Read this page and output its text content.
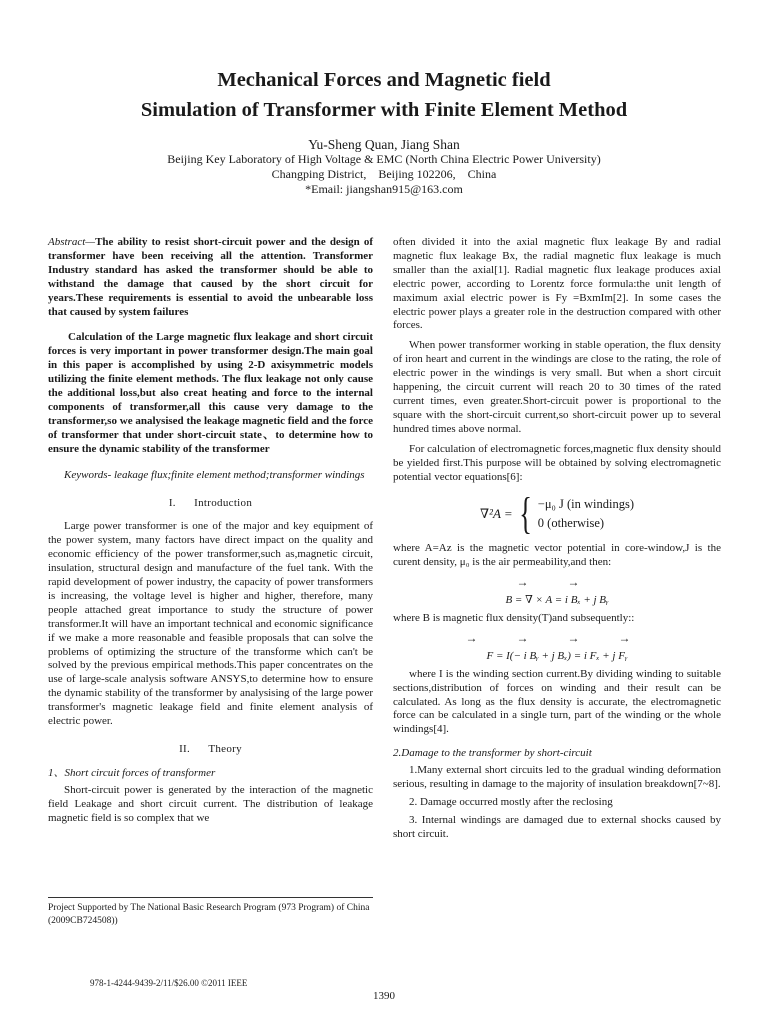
Mechanical Forces and Magnetic field
Simulation of Transformer with Finite Element Method
Yu-Sheng Quan, Jiang Shan
Beijing Key Laboratory of High Voltage & EMC (North China Electric Power University)
Changping District,　Beijing 102206,　China
*Email: jiangshan915@163.com

Abstract—The ability to resist short-circuit power and the design of transformer have been receiving all the attention. Transformer Industry standard has asked the transformer should be able to withstand the damage that caused by the short circuit for years.These requirements is essential to avoid the unbearable loss that caused by system failures

Calculation of the Large magnetic flux leakage and short circuit forces is very important in power transformer design.The main goal in this paper is accomplished by using 2-D axisymmetric models utilizing the finite element methods. The flux leakage not only cause the additional loss,but also creat heating and force to the internal components of transformer,all this cause very damage to the transformer,so we analysised the leakage magnetic field and the force of transformer that under short-circuit state、to determine how to ensure the dynamic stability of the transformer

Keywords- leakage flux;finite element method;transformer windings

I.      Introduction

Large power transformer is one of the major and key equipment of the power system, many factors have direct impact on the quality and economic efficiency of the power transformer,such as,magnetic circuit, insulation, structural design and manufacture of the fuel tank. With the rapid development of power industry, the capacity of power transformers is increasing, the voltage level is higher and higher, therefore, many people attached great importance to study the structure of power transformer.It will have an important technical and economic significance if we make a more reasonable and feasible proposals that can solve the problems of optimizing the structure of the transforme which can't be solved by the previous empirical methods.This paper concentrates on the use of large-scale analysis software ANSYS,to determine how to ensure the dynamic stability of the transformer by analysising of the large power transformer's magnetic leakage field and finite element analysis of electric power.

II.      Theory
1、Short circuit forces of transformer

Short-circuit power is generated by the interaction of the magnetic field Leakage and short circuit current. The distribution of leakage magnetic field is so complex that we

often divided it into the axial magnetic flux leakage By and radial magnetic flux leakage Bx, the radial magnetic flux leakage is much smaller than the axial[1]. Radial magnetic flux leakage produces axial electric power, according to Lorentz force formula:the unit length of maximum axial electric power is Fy =BxmIm[2]. In some cases the electric power plays a greater role in the destruction compared with other forces.

When power transformer working in stable operation, the flux density of iron heart and current in the windings are close to the rating, the role of electric power in the windings is very small. But when a short circuit happening, the circuit current will reach 20 to 30 times of the rated current times, even greater.Short-circuit power is proportional to the square with the short-circuit current,so short-circuit power up to several hundred times above normal.

For calculation of electromagnetic forces,magnetic flux density should be yielded first.This purpose will be obtained by solving electromagnetic potential vector equations[6]:

∇²A = { −μ₀ J (in windings)
0 (otherwise)

where A=Az is the magnetic vector potential in core-window,J is the curent density, μ₀ is the air permeability,and then:

→ →
B = ∇ × A = i Bₓ + j Bᵧ

where B is magnetic flux density(T)and subsequently::

→ → → →
F = I(− i Bᵧ + j Bₓ) = i Fₓ + j Fᵧ

where I is the winding section current.By dividing winding to suitable sections,distribution of forces on winding and their result can be calculated. As long as the flux density is accurate, the electromagnetic force can be calculated in a single turn, part of the winding or the whole windings[4].

2.Damage to the transformer by short-circuit

1.Many external short circuits led to the gradual winding deformation serious, resulting in damage to the majority of insulation breakdown[7~8].

2. Damage occurred mostly after the reclosing

3. Internal windings are damaged due to external shocks caused by short circuit.

Project Supported by The National Basic Research Program (973 Program) of China (2009CB724508))
978-1-4244-9439-2/11/$26.00 ©2011 IEEE
1390
